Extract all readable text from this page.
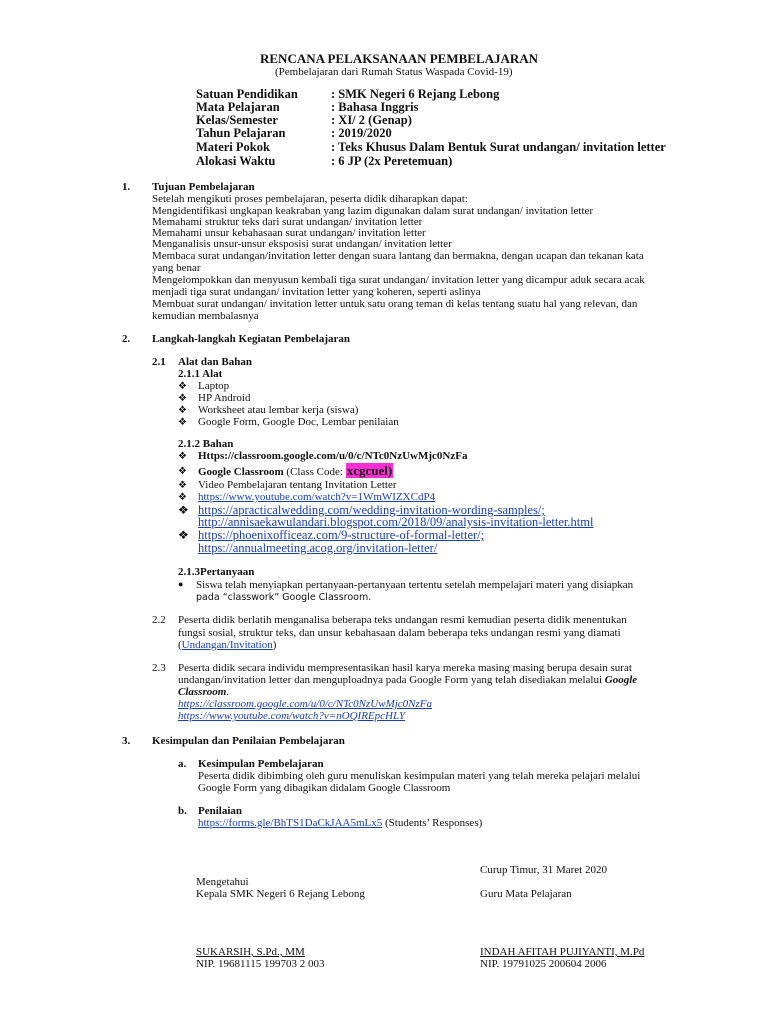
RENCANA PELAKSANAAN PEMBELAJARAN
(Pembelajaran dari Rumah Status Waspada Covid-19)
Satuan Pendidikan	: SMK Negeri 6 Rejang Lebong
Mata Pelajaran	: Bahasa Inggris
Kelas/Semester	: XI/ 2 (Genap)
Tahun Pelajaran	: 2019/2020
Materi Pokok	: Teks Khusus Dalam Bentuk Surat undangan/ invitation letter
Alokasi Waktu	: 6 JP (2x Peretemuan)
1. Tujuan Pembelajaran
Setelah mengikuti proses pembelajaran, peserta didik diharapkan dapat:
Mengidentifikasi ungkapan keakraban yang lazim digunakan dalam surat undangan/ invitation letter
Memahami struktur teks dari surat undangan/ invitation letter
Memahami unsur kebahasaan surat undangan/ invitation letter
Menganalisis unsur-unsur eksposisi surat undangan/ invitation letter
Membaca surat undangan/invitation letter dengan suara lantang dan bermakna, dengan ucapan dan tekanan kata
yang benar
Mengelompokkan dan menyusun kembali tiga surat undangan/ invitation letter yang dicampur aduk secara acak
menjadi tiga surat undangan/ invitation letter yang koheren, seperti aslinya
Membuat surat undangan/ invitation letter untuk satu orang teman di kelas tentang suatu hal yang relevan, dan
kemudian membalasnya
2. Langkah-langkah Kegiatan Pembelajaran
2.1 Alat dan Bahan
2.1.1 Alat
❖ Laptop
❖ HP Android
❖ Worksheet atau lembar kerja (siswa)
❖ Google Form, Google Doc, Lembar penilaian
2.1.2 Bahan
❖ Https://classroom.google.com/u/0/c/NTc0NzUwMjc0NzFa
❖ Google Classroom (Class Code: xcgcuel)
❖ Video Pembelajaran tentang Invitation Letter
❖ https://www.youtube.com/watch?v=1WmWIZXCdP4
❖ https://apracticalwedding.com/wedding-invitation-wording-samples/;
http://annisaekawulandari.blogspot.com/2018/09/analysis-invitation-letter.html
❖ https://phoenixofficeaz.com/9-structure-of-formal-letter/;
https://annualmeeting.acog.org/invitation-letter/
2.1.3Pertanyaan
● Siswa telah menyiapkan pertanyaan-pertanyaan tertentu setelah mempelajari materi yang disiapkan
pada “classwork” Google Classroom.
2.2 Peserta didik berlatih menganalisa beberapa teks undangan resmi kemudian peserta didik menentukan
fungsi sosial, struktur teks, dan unsur kebahasaan dalam beberapa teks undangan resmi yang diamati
(Undangan/Invitation)
2.3 Peserta didik secara individu mempresentasikan hasil karya mereka masing masing berupa desain surat
undangan/invitation letter dan menguploadnya pada Google Form yang telah disediakan melalui Google
Classroom.
https://classroom.google.com/u/0/c/NTc0NzUwMjc0NzFa
https://www.youtube.com/watch?v=nOQIREpcHLY
3. Kesimpulan dan Penilaian Pembelajaran
a. Kesimpulan Pembelajaran
Peserta didik dibimbing oleh guru menuliskan kesimpulan materi yang telah mereka pelajari melalui
Google Form yang dibagikan didalam Google Classroom
b. Penilaian
https://forms.gle/BhTS1DaCkJAA5mLx5 (Students’ Responses)
Curup Timur, 31 Maret 2020
Mengetahui
Kepala SMK Negeri 6 Rejang Lebong	Guru Mata Pelajaran
SUKARSIH, S.Pd., MM
NIP. 19681115 199703 2 003
INDAH AFITAH PUJIYANTI, M.Pd
NIP. 19791025 200604 2006
